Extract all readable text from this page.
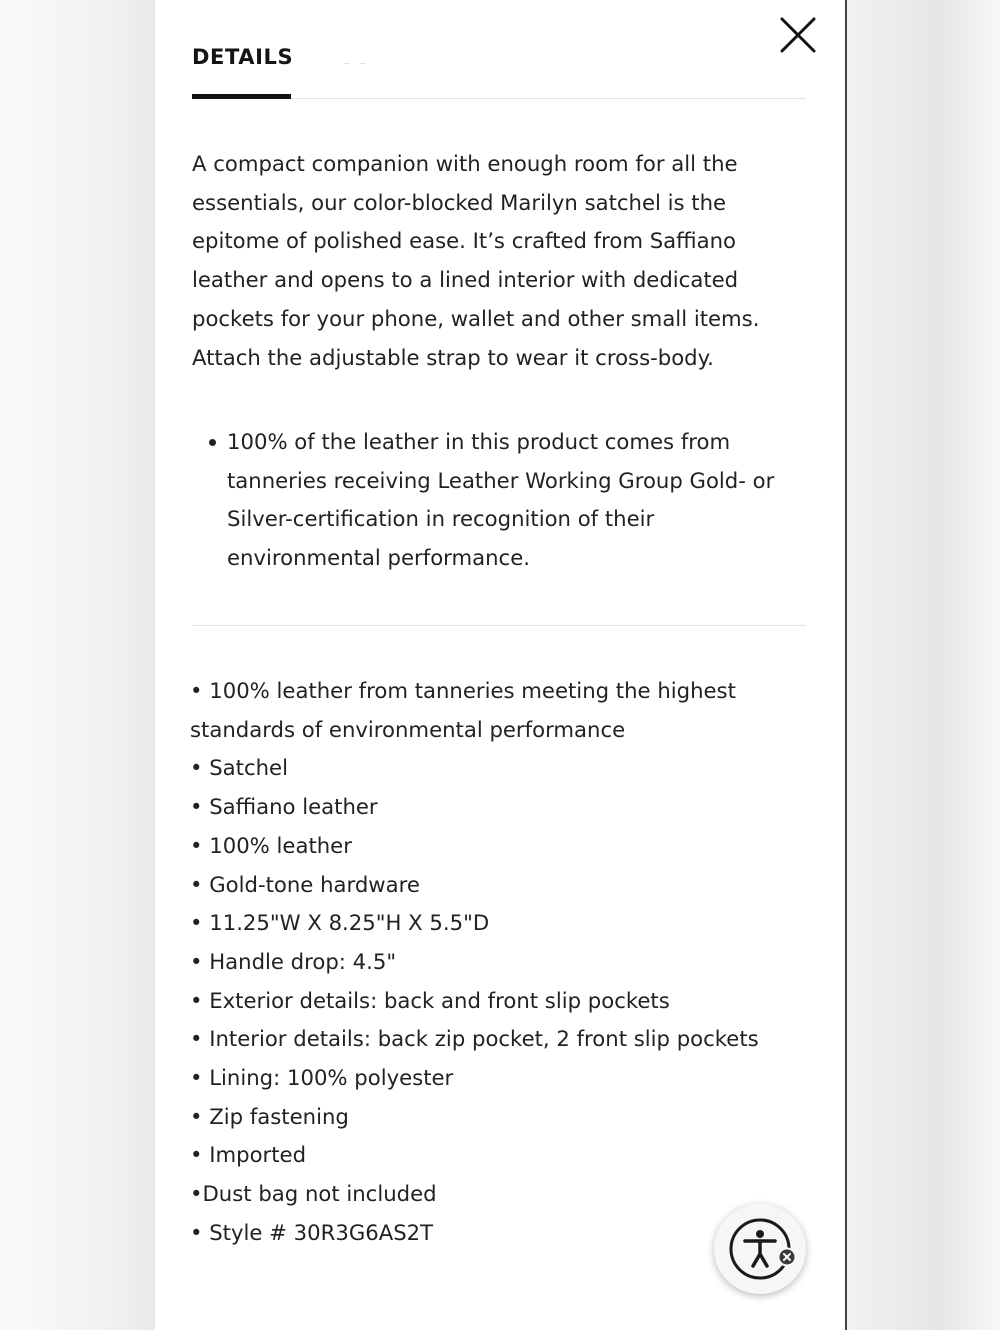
DETAILS

A compact companion with enough room for all the essentials, our color-blocked Marilyn satchel is the epitome of polished ease. It’s crafted from Saffiano leather and opens to a lined interior with dedicated pockets for your phone, wallet and other small items. Attach the adjustable strap to wear it cross-body.

100% of the leather in this product comes from tanneries receiving Leather Working Group Gold- or Silver-certification in recognition of their environmental performance.
• 100% leather from tanneries meeting the highest standards of environmental performance
• Satchel
• Saffiano leather
• 100% leather
• Gold-tone hardware
• 11.25"W X 8.25"H X 5.5"D
• Handle drop: 4.5"
• Exterior details: back and front slip pockets
• Interior details: back zip pocket, 2 front slip pockets
• Lining: 100% polyester
• Zip fastening
• Imported
•Dust bag not included
• Style # 30R3G6AS2T
